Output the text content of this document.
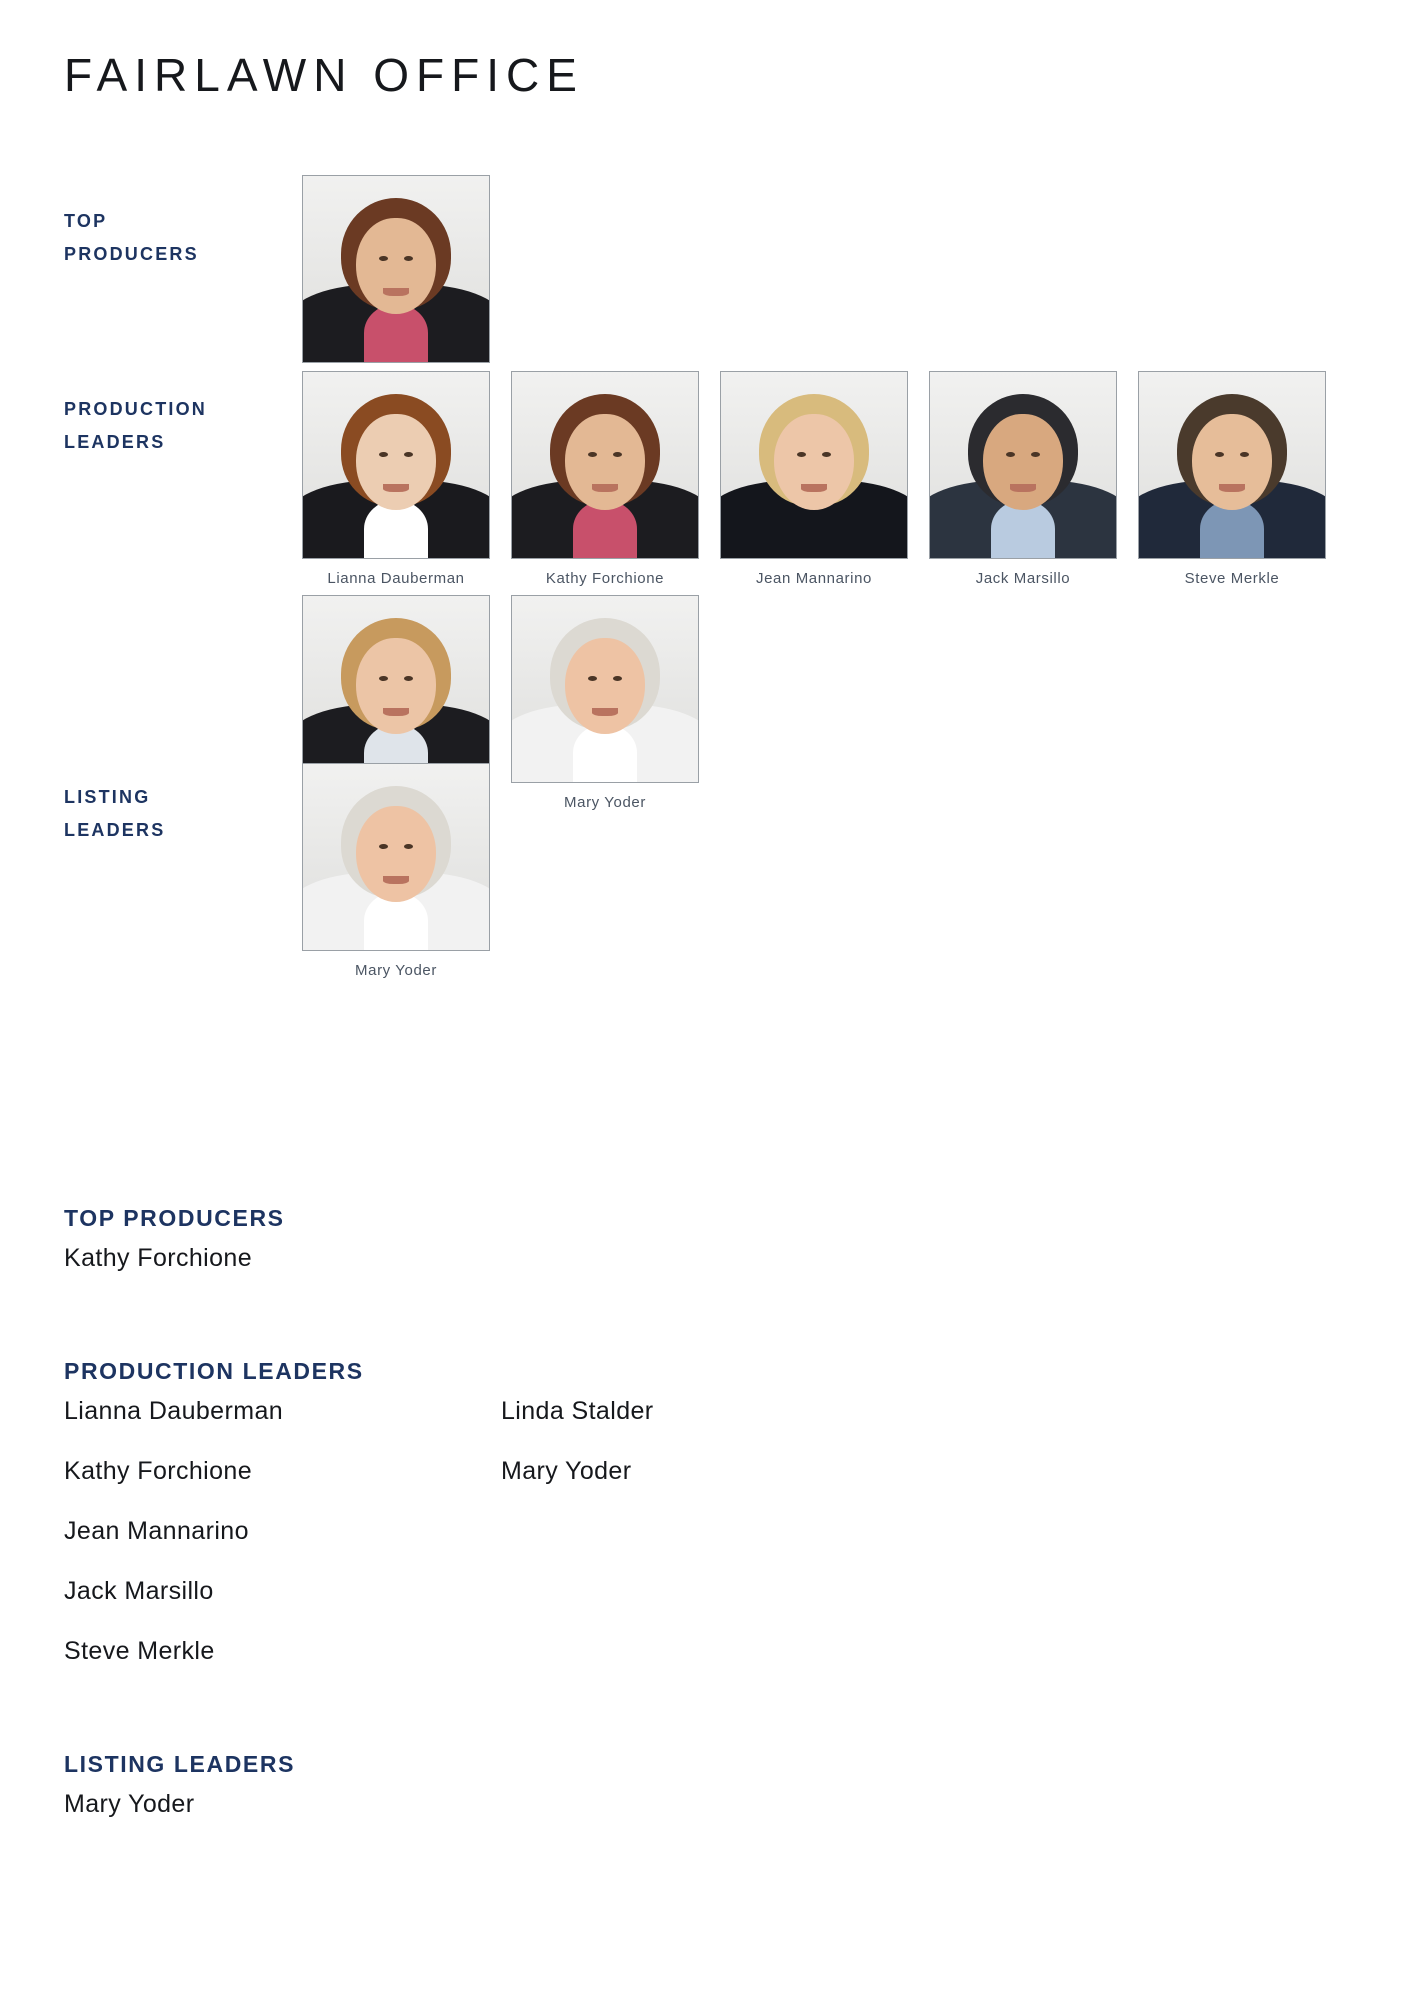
FAIRLAWN OFFICE
TOP
PRODUCERS
PRODUCTION
LEADERS
Lianna Dauberman	Kathy Forchione	Jean Mannarino	Jack Marsillo	Steve Merkle
Mary Yoder
LISTING
LEADERS
Mary Yoder
TOP PRODUCERS
Kathy Forchione
PRODUCTION LEADERS
Lianna Dauberman
Kathy Forchione
Jean Mannarino
Jack Marsillo
Steve Merkle
Linda Stalder
Mary Yoder
LISTING LEADERS
Mary Yoder
